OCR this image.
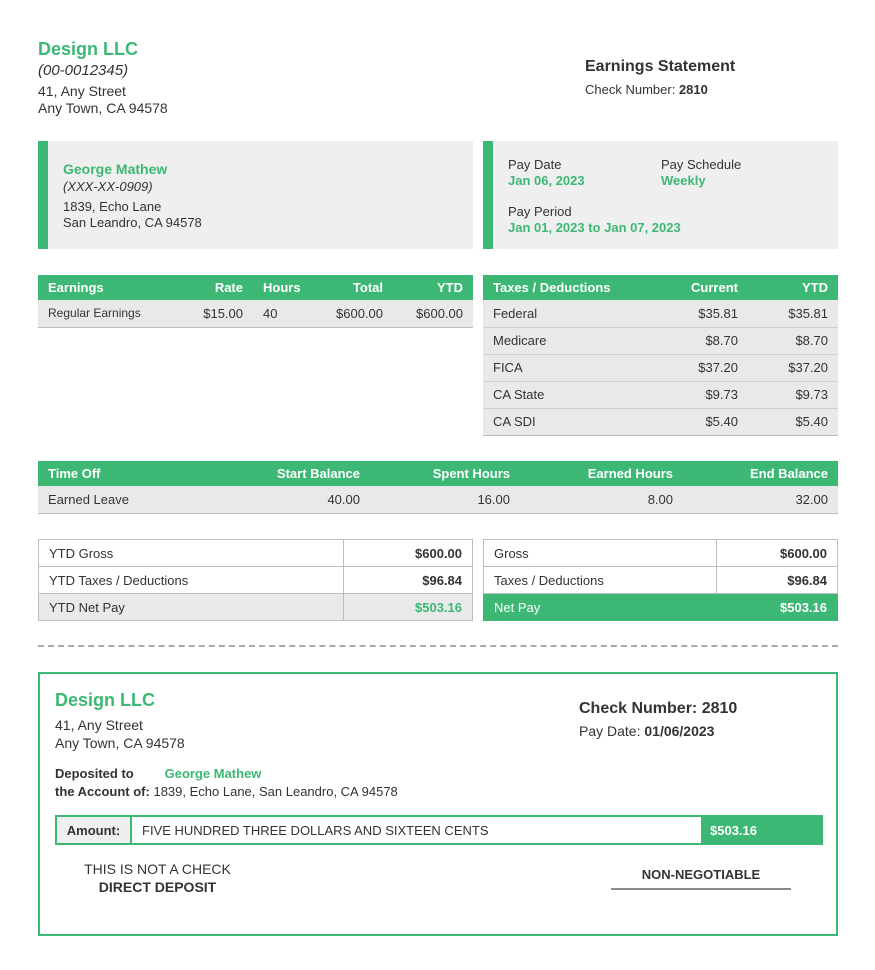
Design LLC
(00-0012345)
41, Any Street
Any Town, CA 94578
Earnings Statement
Check Number: 2810
George Mathew
(XXX-XX-0909)
1839, Echo Lane
San Leandro, CA 94578
Pay Date
Jan 06, 2023
Pay Schedule
Weekly
Pay Period
Jan 01, 2023 to Jan 07, 2023
Earnings	Rate	Hours	Total	YTD
Regular Earnings	$15.00	40	$600.00	$600.00
Taxes / Deductions	Current	YTD
Federal	$35.81	$35.81
Medicare	$8.70	$8.70
FICA	$37.20	$37.20
CA State	$9.73	$9.73
CA SDI	$5.40	$5.40
Time Off	Start Balance	Spent Hours	Earned Hours	End Balance
Earned Leave	40.00	16.00	8.00	32.00
YTD Gross	$600.00
YTD Taxes / Deductions	$96.84
YTD Net Pay	$503.16
Gross	$600.00
Taxes / Deductions	$96.84
Net Pay	$503.16
Design LLC
41, Any Street
Any Town, CA 94578
Check Number: 2810
Pay Date: 01/06/2023
Deposited to George Mathew
the Account of: 1839, Echo Lane, San Leandro, CA 94578
Amount:	FIVE HUNDRED THREE DOLLARS AND SIXTEEN CENTS	$503.16
THIS IS NOT A CHECK
DIRECT DEPOSIT
NON-NEGOTIABLE
